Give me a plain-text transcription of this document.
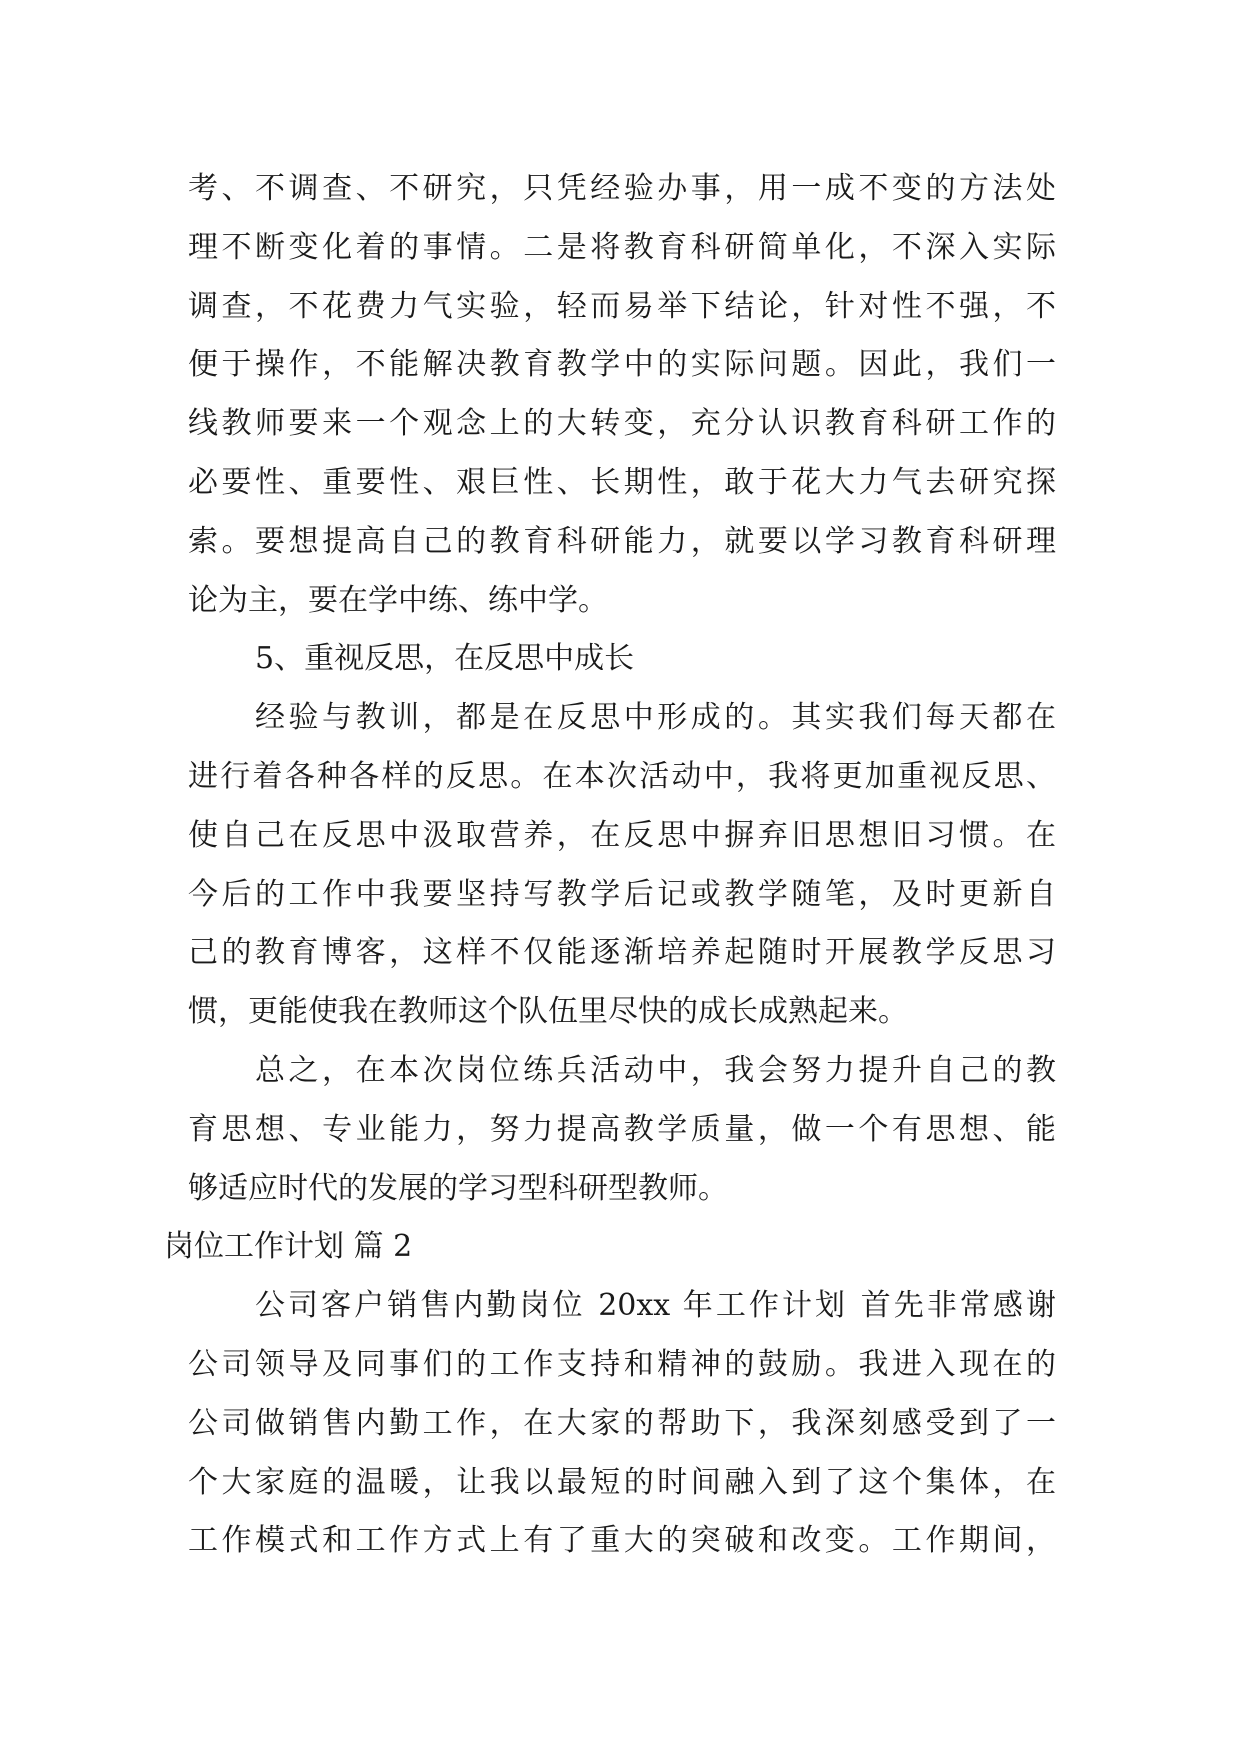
考、不调查、不研究，只凭经验办事，用一成不变的方法处
理不断变化着的事情。二是将教育科研简单化，不深入实际
调查，不花费力气实验，轻而易举下结论，针对性不强，不
便于操作，不能解决教育教学中的实际问题。因此，我们一
线教师要来一个观念上的大转变，充分认识教育科研工作的
必要性、重要性、艰巨性、长期性，敢于花大力气去研究探
索。要想提高自己的教育科研能力，就要以学习教育科研理
论为主，要在学中练、练中学。
5、重视反思，在反思中成长
经验与教训，都是在反思中形成的。其实我们每天都在
进行着各种各样的反思。在本次活动中，我将更加重视反思、
使自己在反思中汲取营养，在反思中摒弃旧思想旧习惯。在
今后的工作中我要坚持写教学后记或教学随笔，及时更新自
己的教育博客，这样不仅能逐渐培养起随时开展教学反思习
惯，更能使我在教师这个队伍里尽快的成长成熟起来。
总之，在本次岗位练兵活动中，我会努力提升自己的教
育思想、专业能力，努力提高教学质量，做一个有思想、能
够适应时代的发展的学习型科研型教师。
岗位工作计划 篇 2
公司客户销售内勤岗位 20xx 年工作计划 首先非常感谢
公司领导及同事们的工作支持和精神的鼓励。我进入现在的
公司做销售内勤工作，在大家的帮助下，我深刻感受到了一
个大家庭的温暖，让我以最短的时间融入到了这个集体，在
工作模式和工作方式上有了重大的突破和改变。工作期间，
